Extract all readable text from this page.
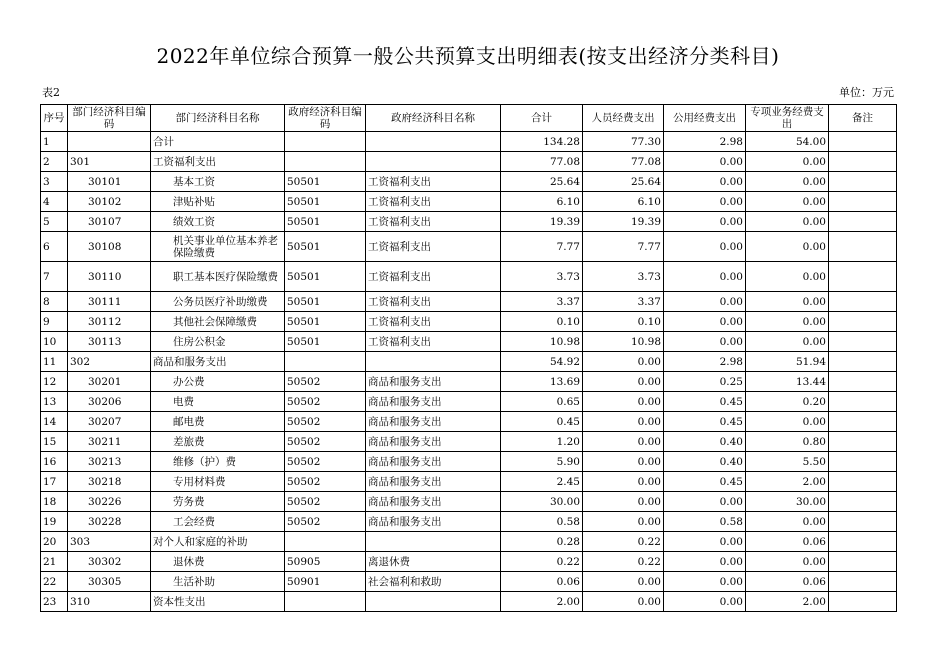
2022年单位综合预算一般公共预算支出明细表(按支出经济分类科目)
表2	单位：万元
序号	部门经济科目编码	部门经济科目名称	政府经济科目编码	政府经济科目名称	合计	人员经费支出	公用经费支出	专项业务经费支出	备注
1		合计			134.28	77.30	2.98	54.00	
2	301	工资福利支出			77.08	77.08	0.00	0.00	
3	30101	基本工资	50501	工资福利支出	25.64	25.64	0.00	0.00	
4	30102	津贴补贴	50501	工资福利支出	6.10	6.10	0.00	0.00	
5	30107	绩效工资	50501	工资福利支出	19.39	19.39	0.00	0.00	
6	30108	机关事业单位基本养老保险缴费	50501	工资福利支出	7.77	7.77	0.00	0.00	
7	30110	职工基本医疗保险缴费	50501	工资福利支出	3.73	3.73	0.00	0.00	
8	30111	公务员医疗补助缴费	50501	工资福利支出	3.37	3.37	0.00	0.00	
9	30112	其他社会保障缴费	50501	工资福利支出	0.10	0.10	0.00	0.00	
10	30113	住房公积金	50501	工资福利支出	10.98	10.98	0.00	0.00	
11	302	商品和服务支出			54.92	0.00	2.98	51.94	
12	30201	办公费	50502	商品和服务支出	13.69	0.00	0.25	13.44	
13	30206	电费	50502	商品和服务支出	0.65	0.00	0.45	0.20	
14	30207	邮电费	50502	商品和服务支出	0.45	0.00	0.45	0.00	
15	30211	差旅费	50502	商品和服务支出	1.20	0.00	0.40	0.80	
16	30213	维修（护）费	50502	商品和服务支出	5.90	0.00	0.40	5.50	
17	30218	专用材料费	50502	商品和服务支出	2.45	0.00	0.45	2.00	
18	30226	劳务费	50502	商品和服务支出	30.00	0.00	0.00	30.00	
19	30228	工会经费	50502	商品和服务支出	0.58	0.00	0.58	0.00	
20	303	对个人和家庭的补助			0.28	0.22	0.00	0.06	
21	30302	退休费	50905	离退休费	0.22	0.22	0.00	0.00	
22	30305	生活补助	50901	社会福利和救助	0.06	0.00	0.00	0.06	
23	310	资本性支出			2.00	0.00	0.00	2.00	
